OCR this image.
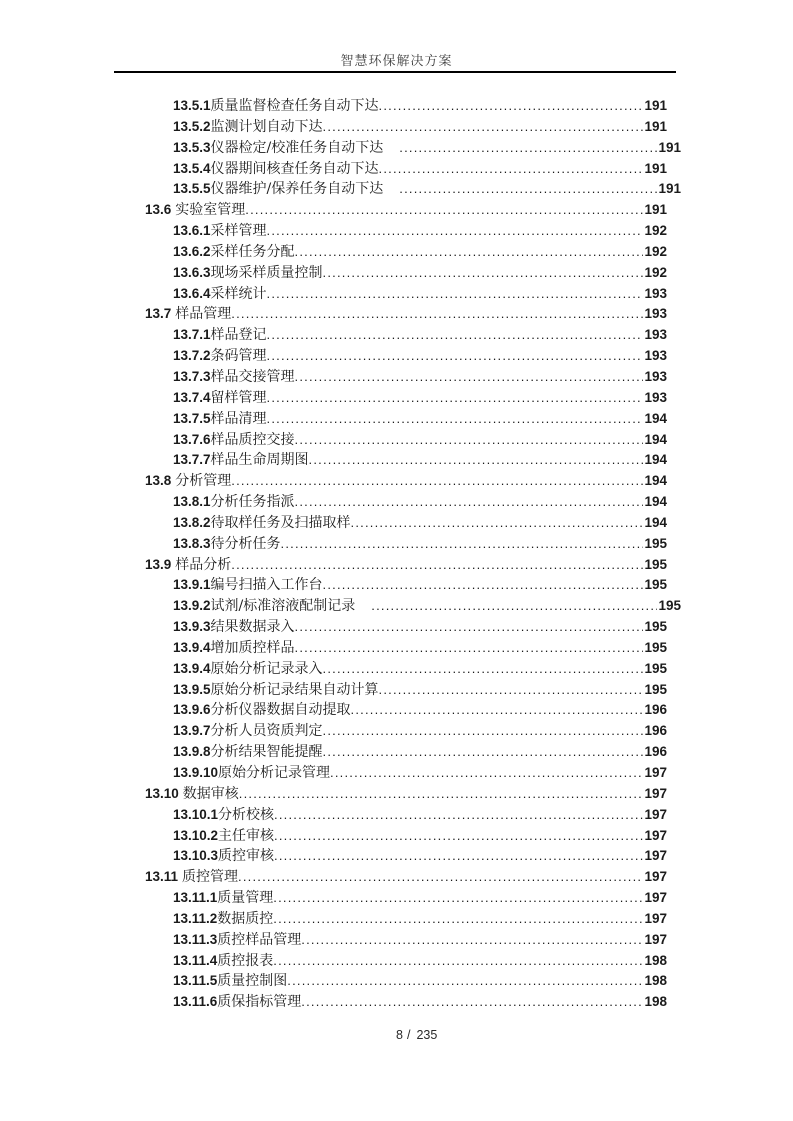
智慧环保解决方案
13.5.1 质量监督检查任务自动下达 .....	191
13.5.2 监测计划自动下达 .....	191
13.5.3 仪器检定/校准任务自动下达 .....	191
13.5.4 仪器期间核查任务自动下达 .....	191
13.5.5 仪器维护/保养任务自动下达 .....	191
13.6 实验室管理 .....	191
13.6.1 采样管理 .....	192
13.6.2 采样任务分配 .....	192
13.6.3 现场采样质量控制 .....	192
13.6.4 采样统计 .....	193
13.7 样品管理 .....	193
13.7.1 样品登记 .....	193
13.7.2 条码管理 .....	193
13.7.3 样品交接管理 .....	193
13.7.4 留样管理 .....	193
13.7.5 样品清理 .....	194
13.7.6 样品质控交接 .....	194
13.7.7 样品生命周期图 .....	194
13.8 分析管理 .....	194
13.8.1 分析任务指派 .....	194
13.8.2 待取样任务及扫描取样 .....	194
13.8.3 待分析任务 .....	195
13.9 样品分析 .....	195
13.9.1 编号扫描入工作台 .....	195
13.9.2 试剂/标准溶液配制记录 .....	195
13.9.3 结果数据录入 .....	195
13.9.4 增加质控样品 .....	195
13.9.4 原始分析记录录入 .....	195
13.9.5 原始分析记录结果自动计算 .....	195
13.9.6 分析仪器数据自动提取 .....	196
13.9.7 分析人员资质判定 .....	196
13.9.8 分析结果智能提醒 .....	196
13.9.10 原始分析记录管理 .....	197
13.10 数据审核 .....	197
13.10.1 分析校核 .....	197
13.10.2 主任审核 .....	197
13.10.3 质控审核 .....	197
13.11 质控管理 .....	197
13.11.1 质量管理 .....	197
13.11.2 数据质控 .....	197
13.11.3 质控样品管理 .....	197
13.11.4 质控报表 .....	198
13.11.5 质量控制图 .....	198
13.11.6 质保指标管理 .....	198
8 / 235
